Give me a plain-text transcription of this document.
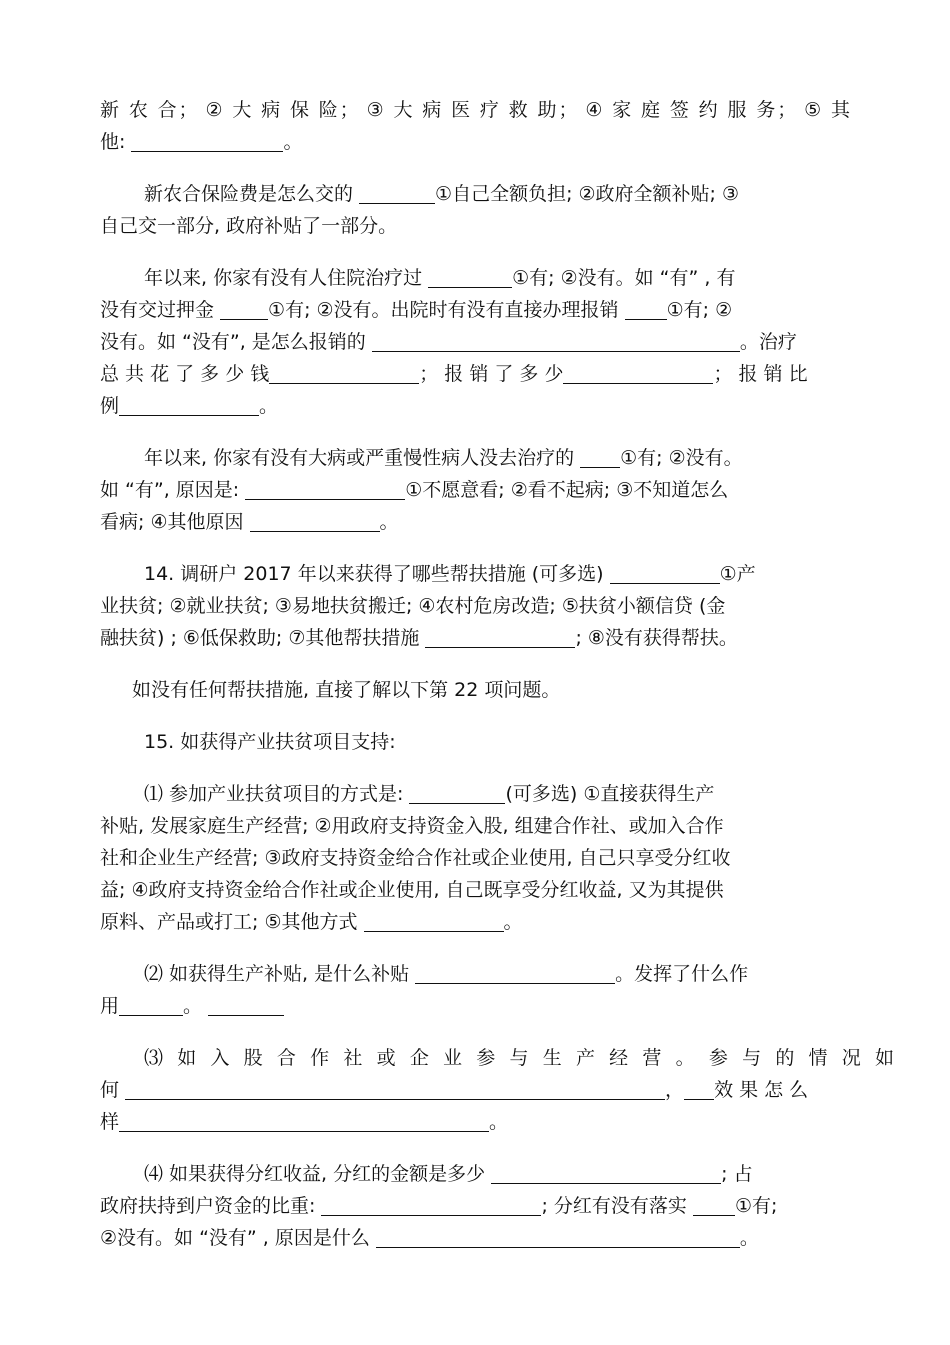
新 农 合； ② 大 病 保 险； ③ 大 病 医 疗 救 助； ④ 家 庭 签 约 服 务； ⑤ 其
他:	。
新农合保险费是怎么交的	①自己全额负担; ②政府全额补贴; ③
自己交一部分, 政府补贴了一部分。
年以来, 你家有没有人住院治疗过	①有; ②没有。如 “有” , 有
没有交过押金	①有; ②没有。出院时有没有直接办理报销 ①有; ②
没有。如 “没有”, 是怎么报销的	。治疗
总 共 花 了 多 少 钱	； 报 销 了 多 少	； 报 销 比
例	。
年以来, 你家有没有大病或严重慢性病人没去治疗的 ①有; ②没有。
如 “有”, 原因是:	①不愿意看; ②看不起病; ③不知道怎么
看病; ④其他原因	。
14. 调研户 2017 年以来获得了哪些帮扶措施 (可多选)	①产
业扶贫; ②就业扶贫; ③易地扶贫搬迁; ④农村危房改造; ⑤扶贫小额信贷 (金
融扶贫) ; ⑥低保救助; ⑦其他帮扶措施	; ⑧没有获得帮扶。
如没有任何帮扶措施, 直接了解以下第 22 项问题。
15. 如获得产业扶贫项目支持:
⑴ 参加产业扶贫项目的方式是:	(可多选) ①直接获得生产
补贴, 发展家庭生产经营; ②用政府支持资金入股, 组建合作社、或加入合作
社和企业生产经营; ③政府支持资金给合作社或企业使用, 自己只享受分红收
益; ④政府支持资金给合作社或企业使用, 自己既享受分红收益, 又为其提供
原料、产品或打工; ⑤其他方式	。
⑵ 如获得生产补贴, 是什么补贴	。发挥了什么作
用	。
⑶ 如 入 股 合 作 社 或 企 业 参 与 生 产 经 营 。 参 与 的 情 况 如
何	， 效 果 怎 么
样	。
⑷ 如果获得分红收益, 分红的金额是多少	; 占
政府扶持到户资金的比重:	; 分红有没有落实 ①有;
②没有。如 “没有” , 原因是什么	。
